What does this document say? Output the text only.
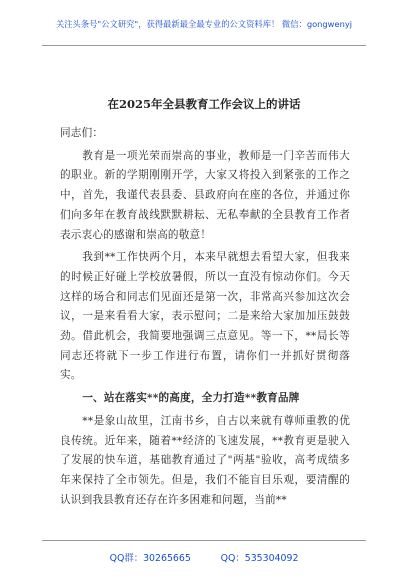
关注头条号"公文研究"，获得最新最全最专业的公文资料库！ 微信：gongwenyj
在2025年全县教育工作会议上的讲话

同志们：

教育是一项光荣而崇高的事业，教师是一门辛苦而伟大的职业。新的学期刚刚开学，大家又将投入到紧张的工作之中，首先，我谨代表县委、县政府向在座的各位，并通过你们向多年在教育战线默默耕耘、无私奉献的全县教育工作者表示衷心的感谢和崇高的敬意！

我到**工作快两个月，本来早就想去看望大家，但我来的时候正好碰上学校放暑假，所以一直没有惊动你们。今天这样的场合和同志们见面还是第一次，非常高兴参加这次会议，一是来看看大家，表示慰问；二是来给大家加加压鼓鼓劲。借此机会，我简要地强调三点意见。等一下，**局长等同志还将就下一步工作进行布置，请你们一并抓好贯彻落实。

一、站在落实**的高度，全力打造**教育品牌

**是象山故里，江南书乡，自古以来就有尊师重教的优良传统。近年来，随着**经济的飞速发展，**教育更是驶入了发展的快车道，基础教育通过了"两基"验收，高考成绩多年来保持了全市领先。但是，我们不能盲目乐观，要清醒的认识到我县教育还存在许多困难和问题，当前**

QQ群：30265665          QQ：535304092
